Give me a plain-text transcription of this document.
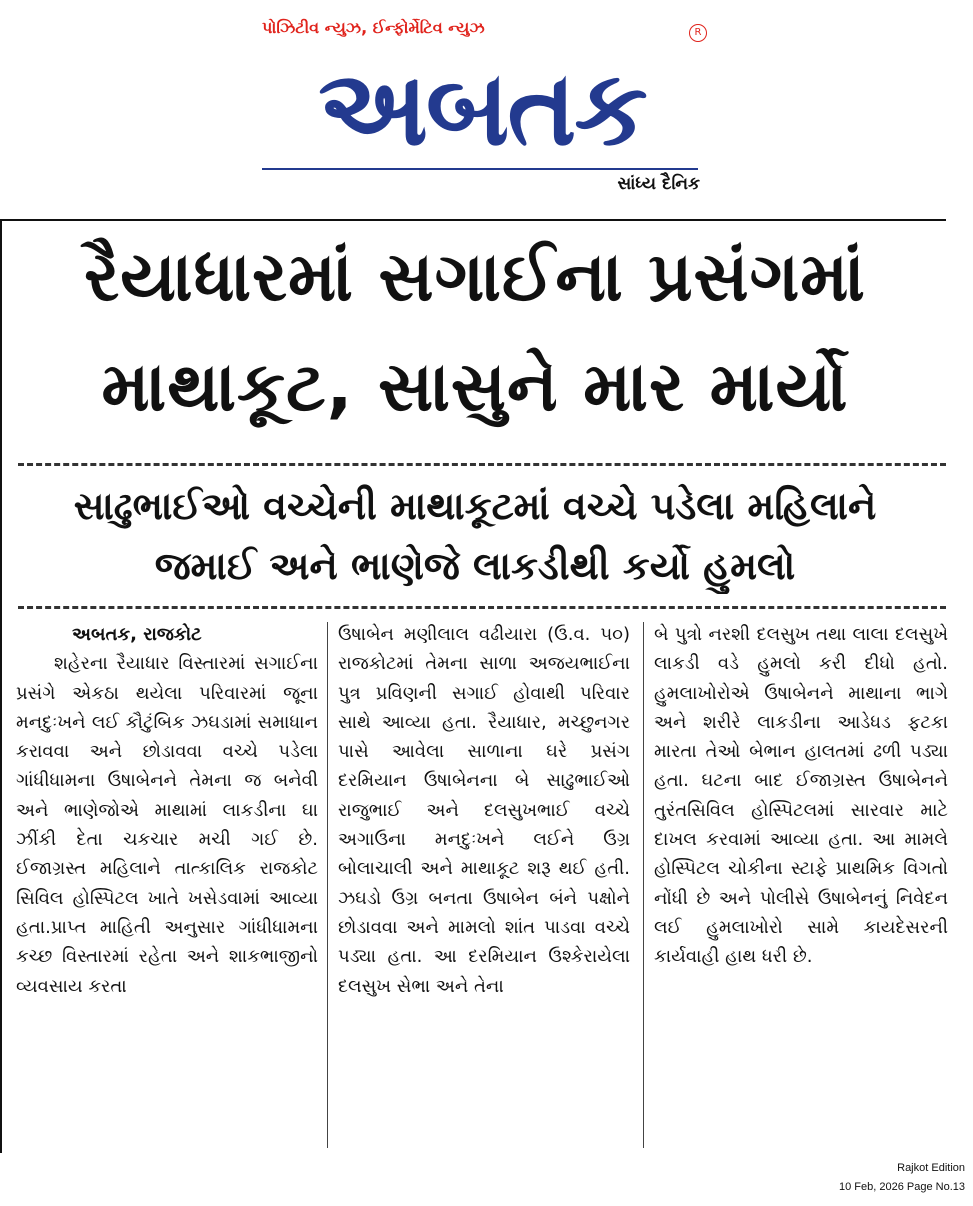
પોઝિટીવ ન્યુઝ, ઈન્ફોર્મેટિવ ન્યુઝ	R
અબતક
સાંધ્ય દૈનિક
રૈયાધારમાં સગાઈના પ્રસંગમાં
માથાકૂટ, સાસુને માર માર્યો
સાઢુભાઈઓ વચ્ચેની માથાકૂટમાં વચ્ચે પડેલા મહિલાને
જમાઈ અને ભાણેજે લાકડીથી કર્યો હુમલો
અબતક, રાજકોટ
શહેરના રૈયાધાર વિસ્તારમાં સગાઈના પ્રસંગે એકઠા થયેલા પરિવારમાં જૂના મનદુઃખને લઈ કૌટુંબિક ઝઘડામાં સમાધાન કરાવવા અને છોડાવવા વચ્ચે પડેલા ગાંધીધામના ઉષાબેનને તેમના જ બનેવી અને ભાણેજોએ માથામાં લાકડીના ઘા ઝીંકી દેતા ચકચાર મચી ગઈ છે. ઈજાગ્રસ્ત મહિલાને તાત્કાલિક રાજકોટ સિવિલ હોસ્પિટલ ખાતે ખસેડવામાં આવ્યા હતા.પ્રાપ્ત માહિતી અનુસાર ગાંધીધામના કચ્છ વિસ્તારમાં રહેતા અને શાકભાજીનો વ્યવસાય કરતા
ઉષાબેન મણીલાલ વઢીયારા (ઉ.વ. ૫૦) રાજકોટમાં તેમના સાળા અજયભાઈના પુત્ર પ્રવિણની સગાઈ હોવાથી પરિવાર સાથે આવ્યા હતા. રૈયાધાર, મચ્છુનગર પાસે આવેલા સાળાના ઘરે પ્રસંગ દરમિયાન ઉષાબેનના બે સાઢુભાઈઓ રાજુભાઈ અને દલસુખભાઈ વચ્ચે અગાઉના મનદુઃખને લઈને ઉગ્ર બોલાચાલી અને માથાકૂટ શરૂ થઈ હતી. ઝઘડો ઉગ્ર બનતા ઉષાબેન બંને પક્ષોને છોડાવવા અને મામલો શાંત પાડવા વચ્ચે પડ્યા હતા. આ દરમિયાન ઉશ્કેરાયેલા દલસુખ સેભા અને તેના
બે પુત્રો નરશી દલસુખ તથા લાલા દલસુખે લાકડી વડે હુમલો કરી દીધો હતો. હુમલાખોરોએ ઉષાબેનને માથાના ભાગે અને શરીરે લાકડીના આડેધડ ફટકા મારતા તેઓ બેભાન હાલતમાં ઢળી પડ્યા હતા. ઘટના બાદ ઈજાગ્રસ્ત ઉષાબેનને તુરંતસિવિલ હોસ્પિટલમાં સારવાર માટે દાખલ કરવામાં આવ્યા હતા. આ મામલે હોસ્પિટલ ચોકીના સ્ટાફે પ્રાથમિક વિગતો નોંધી છે અને પોલીસે ઉષાબેનનું નિવેદન લઈ હુમલાખોરો સામે કાયદેસરની કાર્યવાહી હાથ ધરી છે.
Rajkot Edition
10 Feb, 2026 Page No.13
